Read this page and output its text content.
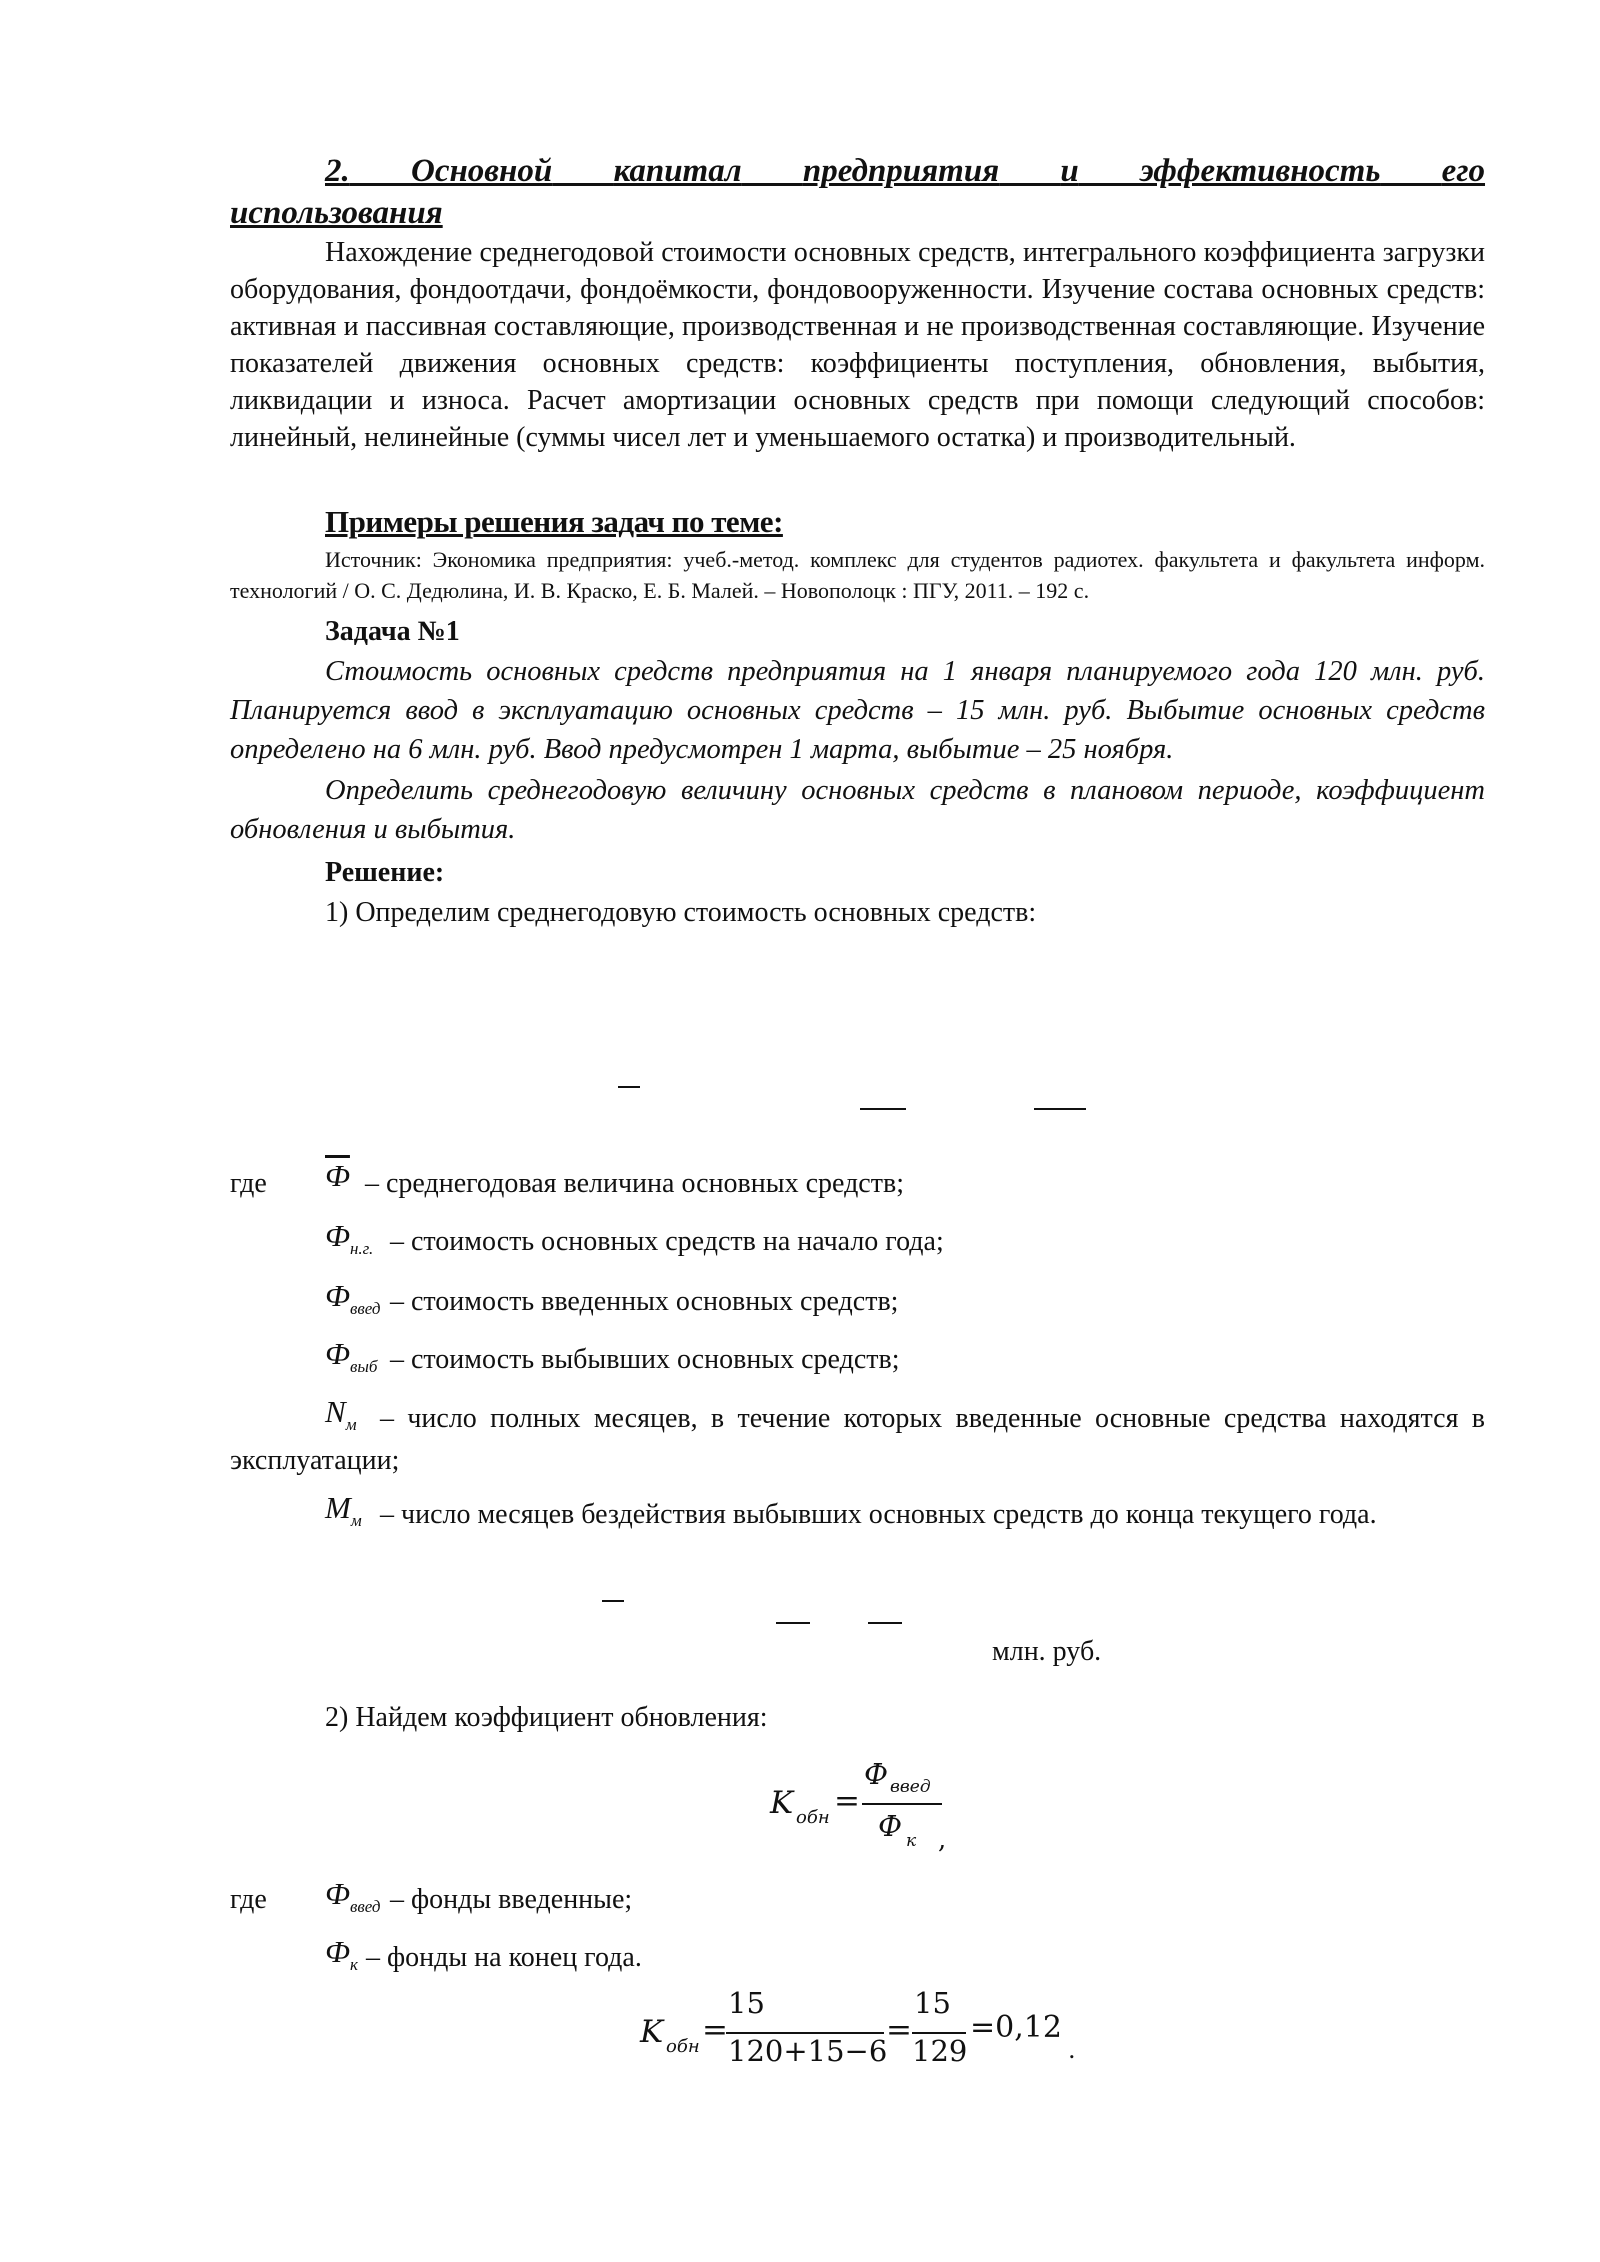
2. Основной капитал предприятия и эффективность его

использования

Нахождение среднегодовой стоимости основных средств, интегрального коэффициента загрузки оборудования, фондоотдачи, фондоёмкости, фондовооруженности. Изучение состава основных средств: активная и пассивная составляющие, производственная и не производственная составляющие. Изучение показателей движения основных средств: коэффициенты поступления, обновления, выбытия, ликвидации и износа. Расчет амортизации основных средств при помощи следующий способов: линейный, нелинейные (суммы чисел лет и уменьшаемого остатка) и производительный.

Примеры решения задач по теме:

Источник: Экономика предприятия: учеб.-метод. комплекс для студентов радиотех. факультета и факультета информ. технологий / О. С. Дедюлина, И. В. Краско, Е. Б. Малей. – Новополоцк : ПГУ, 2011. – 192 с.

Задача №1

Стоимость основных средств предприятия на 1 января планируемого года 120 млн. руб. Планируется ввод в эксплуатацию основных средств – 15 млн. руб. Выбытие основных средств определено на 6 млн. руб. Ввод предусмотрен 1 марта, выбытие – 25 ноября.

Определить среднегодовую величину основных средств в плановом периоде, коэффициент обновления и выбытия.

Решение:

1) Определим среднегодовую стоимость основных средств:

где Ф – среднегодовая величина основных средств;
$Ф_{н.г.}$ – стоимость основных средств на начало года;
$Ф_{введ}$ – стоимость введенных основных средств;
$Ф_{выб}$ – стоимость выбывших основных средств;
$N_м$ – число полных месяцев, в течение которых введенные основные средства находятся в эксплуатации;
$M_м$ – число месяцев бездействия выбывших основных средств до конца текущего года.
млн. руб.
2) Найдем коэффициент обновления:
K обн =
Ф введ
Ф к ,
где $Ф_{введ}$ – фонды введенные;
$Ф_к$ – фонды на конец года.
K обн =
15
120+15−6
=
15
129
=0,12
.
